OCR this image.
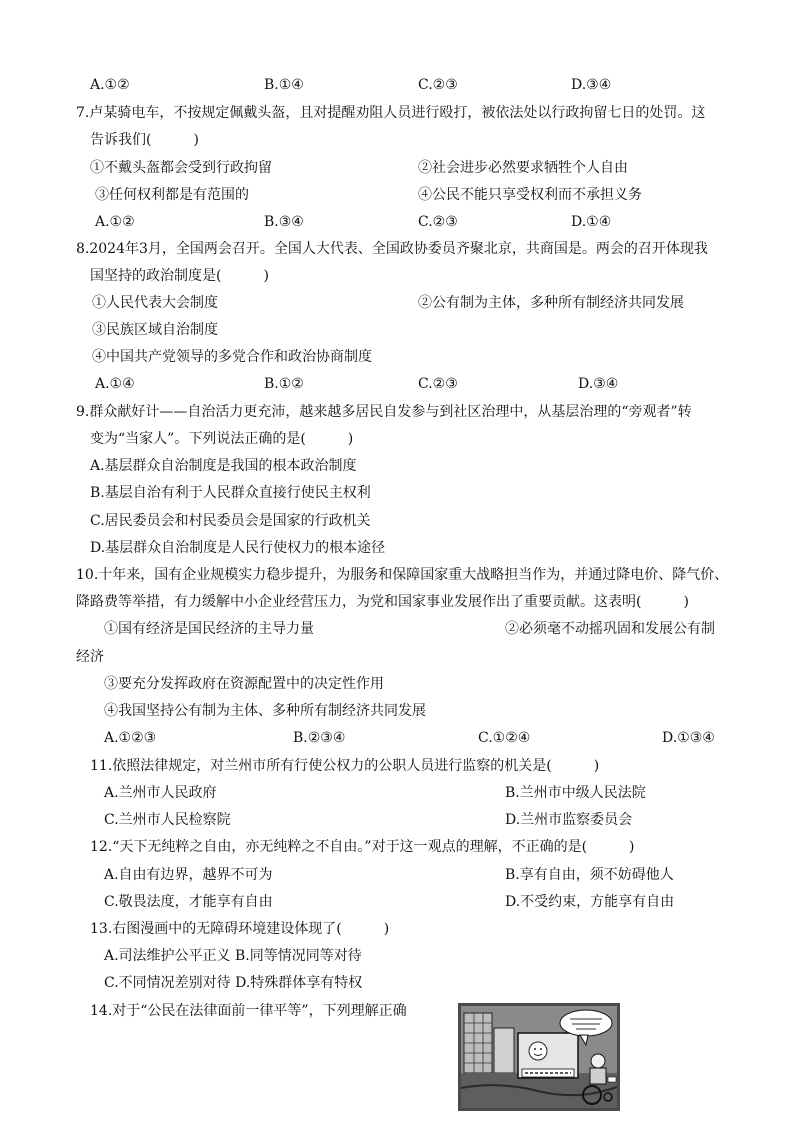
A.①②	B.①④	C.②③	D.③④
7.卢某骑电车，不按规定佩戴头盔，且对提醒劝阻人员进行殴打，被依法处以行政拘留七日的处罚。这
告诉我们(　　　)
①不戴头盔都会受到行政拘留	②社会进步必然要求牺牲个人自由
③任何权利都是有范围的	④公民不能只享受权利而不承担义务
A.①②	B.③④	C.②③	D.①④
8.2024年3月，全国两会召开。全国人大代表、全国政协委员齐聚北京，共商国是。两会的召开体现我
国坚持的政治制度是(　　　)
①人民代表大会制度	②公有制为主体，多种所有制经济共同发展
③民族区域自治制度
④中国共产党领导的多党合作和政治协商制度
A.①④	B.①②	C.②③	D.③④
9.群众献好计——自治活力更充沛，越来越多居民自发参与到社区治理中，从基层治理的“旁观者”转
变为“当家人”。下列说法正确的是(　　　)
A.基层群众自治制度是我国的根本政治制度
B.基层自治有利于人民群众直接行使民主权利
C.居民委员会和村民委员会是国家的行政机关
D.基层群众自治制度是人民行使权力的根本途径
10.十年来，国有企业规模实力稳步提升，为服务和保障国家重大战略担当作为，并通过降电价、降气价、
降路费等举措，有力缓解中小企业经营压力，为党和国家事业发展作出了重要贡献。这表明(　　　)
①国有经济是国民经济的主导力量	②必须毫不动摇巩固和发展公有制
经济
③要充分发挥政府在资源配置中的决定性作用
④我国坚持公有制为主体、多种所有制经济共同发展
A.①②③	B.②③④	C.①②④	D.①③④
11.依照法律规定，对兰州市所有行使公权力的公职人员进行监察的机关是(　　　)
A.兰州市人民政府	B.兰州市中级人民法院
C.兰州市人民检察院	D.兰州市监察委员会
12.“天下无纯粹之自由，亦无纯粹之不自由。”对于这一观点的理解，不正确的是(　　　)
A.自由有边界，越界不可为	B.享有自由，须不妨碍他人
C.敬畏法度，才能享有自由	D.不受约束，方能享有自由
13.右图漫画中的无障碍环境建设体现了(　　　)
A.司法维护公平正义 B.同等情况同等对待
C.不同情况差别对待 D.特殊群体享有特权
14.对于“公民在法律面前一律平等”，下列理解正确
